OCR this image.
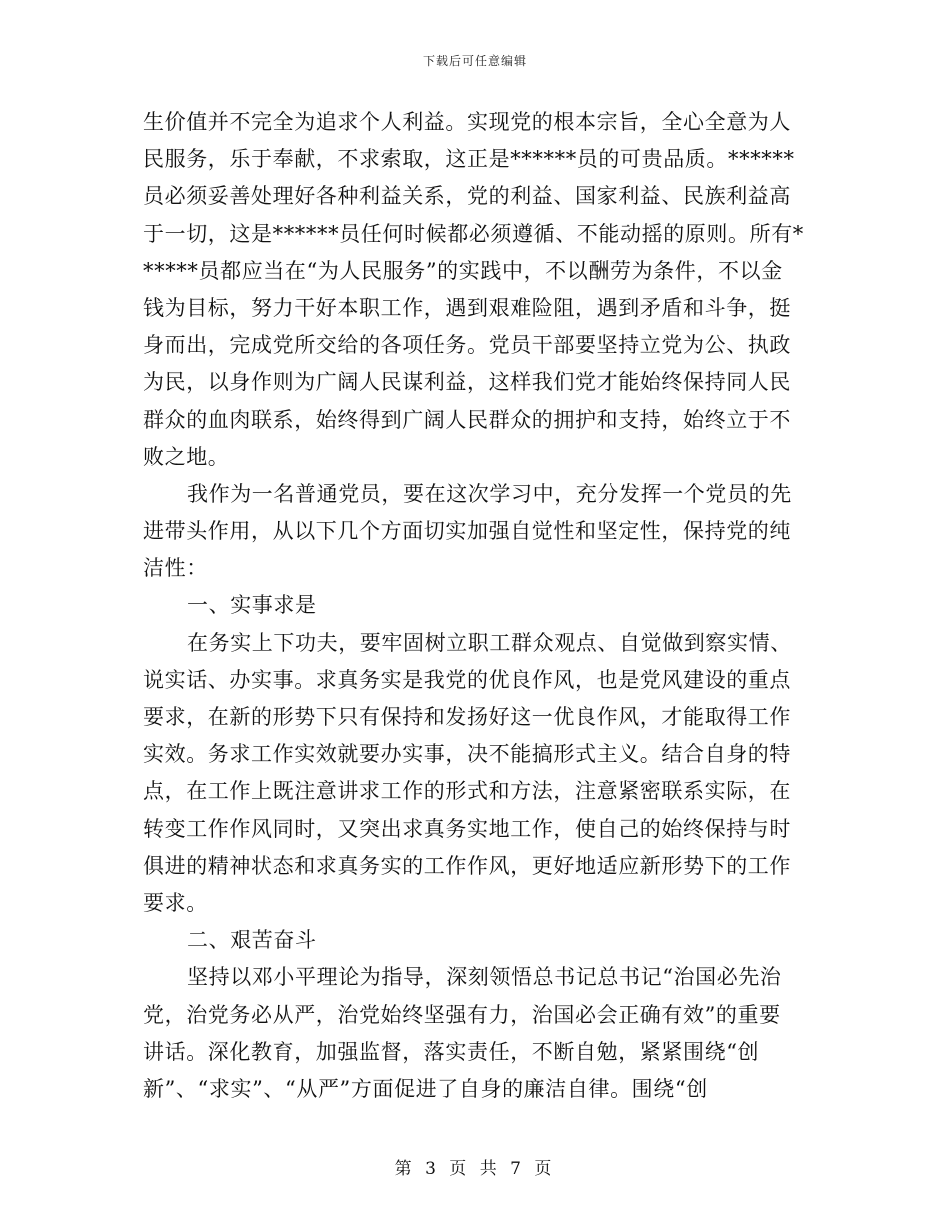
下载后可任意编辑
生价值并不完全为追求个人利益。实现党的根本宗旨，全心全意为人
民服务，乐于奉献，不求索取，这正是******员的可贵品质。******
员必须妥善处理好各种利益关系，党的利益、国家利益、民族利益高
于一切，这是******员任何时候都必须遵循、不能动摇的原则。所有*
*****员都应当在“为人民服务”的实践中，不以酬劳为条件，不以金
钱为目标，努力干好本职工作，遇到艰难险阻，遇到矛盾和斗争，挺
身而出，完成党所交给的各项任务。党员干部要坚持立党为公、执政
为民，以身作则为广阔人民谋利益，这样我们党才能始终保持同人民
群众的血肉联系，始终得到广阔人民群众的拥护和支持，始终立于不
败之地。
我作为一名普通党员，要在这次学习中，充分发挥一个党员的先
进带头作用，从以下几个方面切实加强自觉性和坚定性，保持党的纯
洁性：
一、实事求是
在务实上下功夫，要牢固树立职工群众观点、自觉做到察实情、
说实话、办实事。求真务实是我党的优良作风，也是党风建设的重点
要求，在新的形势下只有保持和发扬好这一优良作风，才能取得工作
实效。务求工作实效就要办实事，决不能搞形式主义。结合自身的特
点，在工作上既注意讲求工作的形式和方法，注意紧密联系实际，在
转变工作作风同时，又突出求真务实地工作，使自己的始终保持与时
俱进的精神状态和求真务实的工作作风，更好地适应新形势下的工作
要求。
二、艰苦奋斗
坚持以邓小平理论为指导，深刻领悟总书记总书记“治国必先治
党，治党务必从严，治党始终坚强有力，治国必会正确有效”的重要
讲话。深化教育，加强监督，落实责任，不断自勉，紧紧围绕“创
新”、“求实”、“从严”方面促进了自身的廉洁自律。围绕“创
第 3 页 共 7 页
